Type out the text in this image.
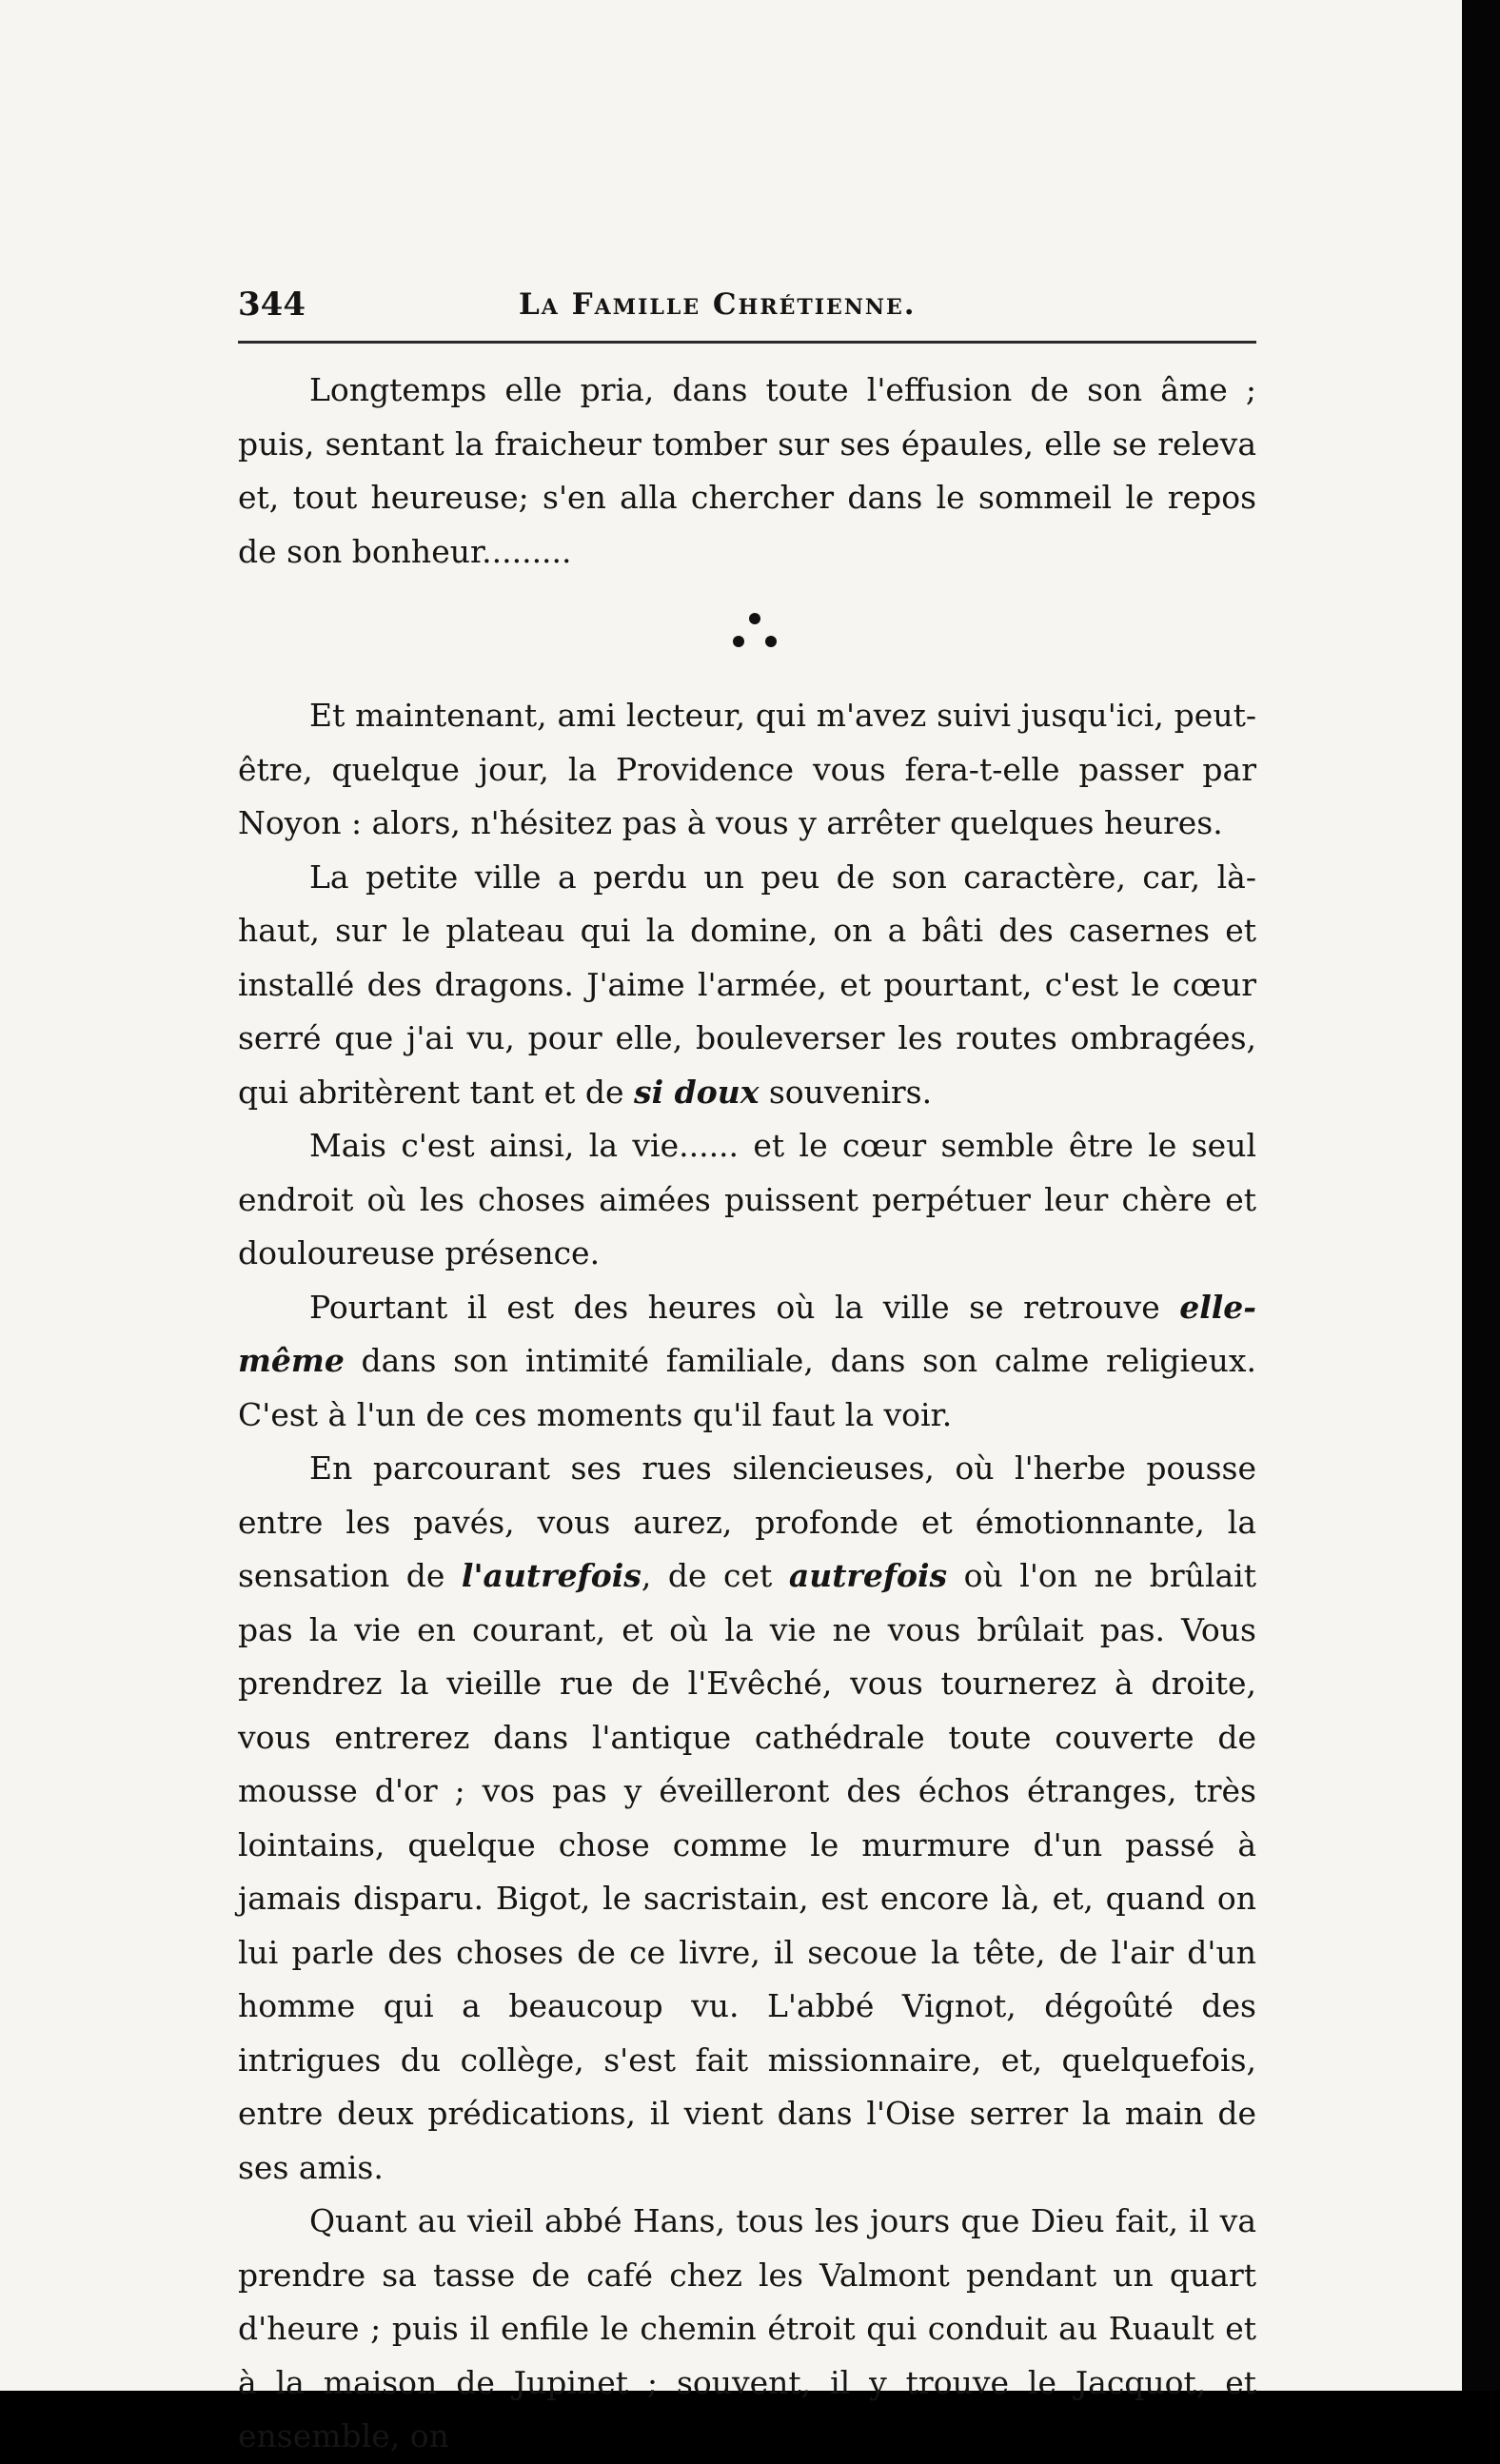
344	La Famille Chrétienne.

Longtemps elle pria, dans toute l'effusion de son âme ; puis, sentant la fraicheur tomber sur ses épaules, elle se releva et, tout heureuse; s'en alla chercher dans le sommeil le repos de son bonheur.........

Et maintenant, ami lecteur, qui m'avez suivi jusqu'ici, peut-être, quelque jour, la Providence vous fera-t-elle passer par Noyon : alors, n'hésitez pas à vous y arrêter quelques heures.

La petite ville a perdu un peu de son caractère, car, là-haut, sur le plateau qui la domine, on a bâti des casernes et installé des dragons. J'aime l'armée, et pourtant, c'est le cœur serré que j'ai vu, pour elle, bouleverser les routes ombragées, qui abritèrent tant et de si doux souvenirs.

Mais c'est ainsi, la vie...... et le cœur semble être le seul endroit où les choses aimées puissent perpétuer leur chère et douloureuse présence.

Pourtant il est des heures où la ville se retrouve elle-même dans son intimité familiale, dans son calme religieux. C'est à l'un de ces moments qu'il faut la voir.

En parcourant ses rues silencieuses, où l'herbe pousse entre les pavés, vous aurez, profonde et émotionnante, la sensation de l'autrefois, de cet autrefois où l'on ne brûlait pas la vie en courant, et où la vie ne vous brûlait pas. Vous prendrez la vieille rue de l'Evêché, vous tournerez à droite, vous entrerez dans l'antique cathédrale toute couverte de mousse d'or ; vos pas y éveilleront des échos étranges, très lointains, quelque chose comme le murmure d'un passé à jamais disparu. Bigot, le sacristain, est encore là, et, quand on lui parle des choses de ce livre, il secoue la tête, de l'air d'un homme qui a beaucoup vu. L'abbé Vignot, dégoûté des intrigues du collège, s'est fait missionnaire, et, quelquefois, entre deux prédications, il vient dans l'Oise serrer la main de ses amis.

Quant au vieil abbé Hans, tous les jours que Dieu fait, il va prendre sa tasse de café chez les Valmont pendant un quart d'heure ; puis il enfile le chemin étroit qui conduit au Ruault et à la maison de Jupinet ; souvent, il y trouve le Jacquot, et ensemble, on
